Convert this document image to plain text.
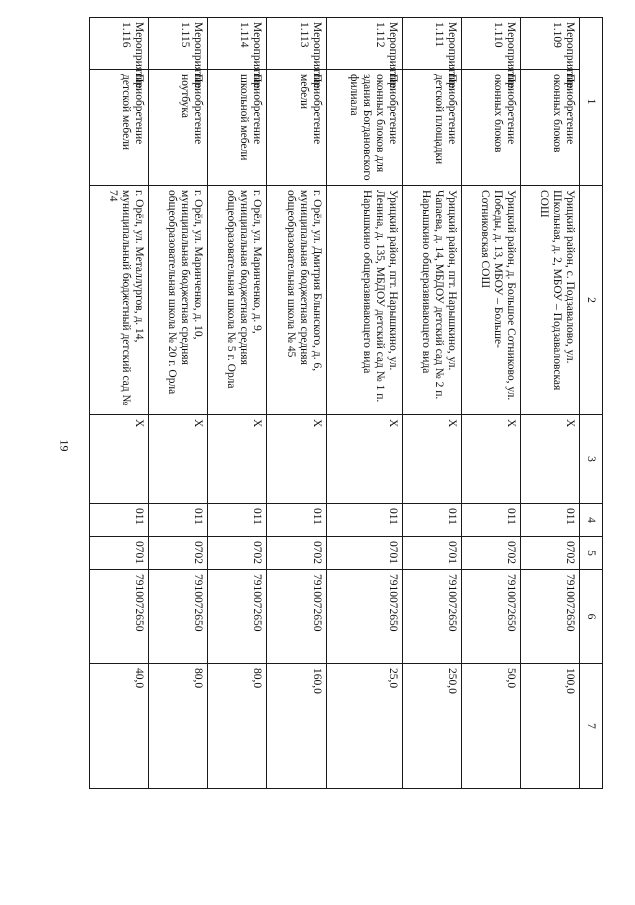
19
1		2	3	4	5	6	7
Мероприятие 1.109	Приобретение оконных блоков	Урицкий район, с. Подзавалово, ул. Школьная, д. 2, МБОУ – Подзаваловская СОШ	Х	011	0702	7910072650	100,0
Мероприятие 1.110	Приобретение оконных блоков	Урицкий район, д. Большое Сотниково, ул. Победы, д. 13, МБОУ – Больше-Сотниковская СОШ	Х	011	0702	7910072650	50,0
Мероприятие 1.111	Приобретение детской площадки	Урицкий район, пгт. Нарышкино, ул. Чапаева, д. 14, МБДОУ детский сад № 2 п. Нарышкино общеразвивающего вида	Х	011	0701	7910072650	250,0
Мероприятие 1.112	Приобретение оконных блоков для здания Богдановского филиала	Урицкий район, пгт. Нарышкино, ул. Ленина, д. 135, МБДОУ детский сад № 1 п. Нарышкино общеразвивающего вида	Х	011	0701	7910072650	25,0
Мероприятие 1.113	Приобретение мебели	г. Орёл, ул. Дмитрия Блынского, д. 6, муниципальная бюджетная средняя общеобразовательная школа № 45	Х	011	0702	7910072650	160,0
Мероприятие 1.114	Приобретение школьной мебели	г. Орёл, ул. Маринченко, д. 9, муниципальная бюджетная средняя общеобразовательная школа № 5 г. Орла	Х	011	0702	7910072650	80,0
Мероприятие 1.115	Приобретение ноутбука	г. Орёл, ул. Маринченко, д. 10, муниципальная бюджетная средняя общеобразовательная школа № 20 г. Орла	Х	011	0702	7910072650	80,0
Мероприятие 1.116	Приобретение детской мебели	г. Орёл, ул. Металлургов, д. 14, муниципальный бюджетный детский сад № 74	Х	011	0701	7910072650	40,0
